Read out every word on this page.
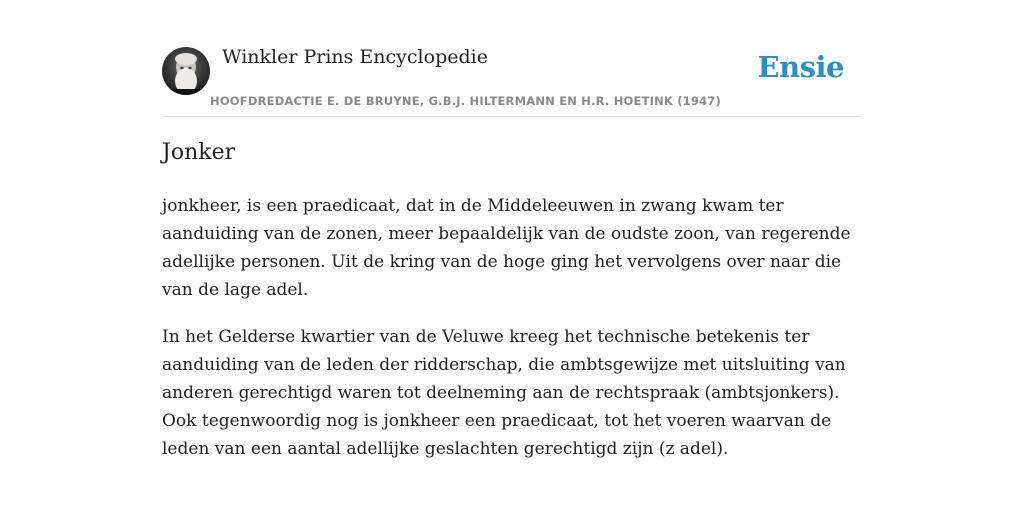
Winkler Prins Encyclopedie
HOOFDREDACTIE E. DE BRUYNE, G.B.J. HILTERMANN EN H.R. HOETINK (1947)
Ensie
Jonker

jonkheer, is een praedicaat, dat in de Middeleeuwen in zwang kwam ter aanduiding van de zonen, meer bepaaldelijk van de oudste zoon, van regerende adellijke personen. Uit de kring van de hoge ging het vervolgens over naar die van de lage adel.

In het Gelderse kwartier van de Veluwe kreeg het technische betekenis ter aanduiding van de leden der ridderschap, die ambtsgewijze met uitsluiting van anderen gerechtigd waren tot deelneming aan de rechtspraak (ambtsjonkers). Ook tegenwoordig nog is jonkheer een praedicaat, tot het voeren waarvan de leden van een aantal adellijke geslachten gerechtigd zijn (z adel).
